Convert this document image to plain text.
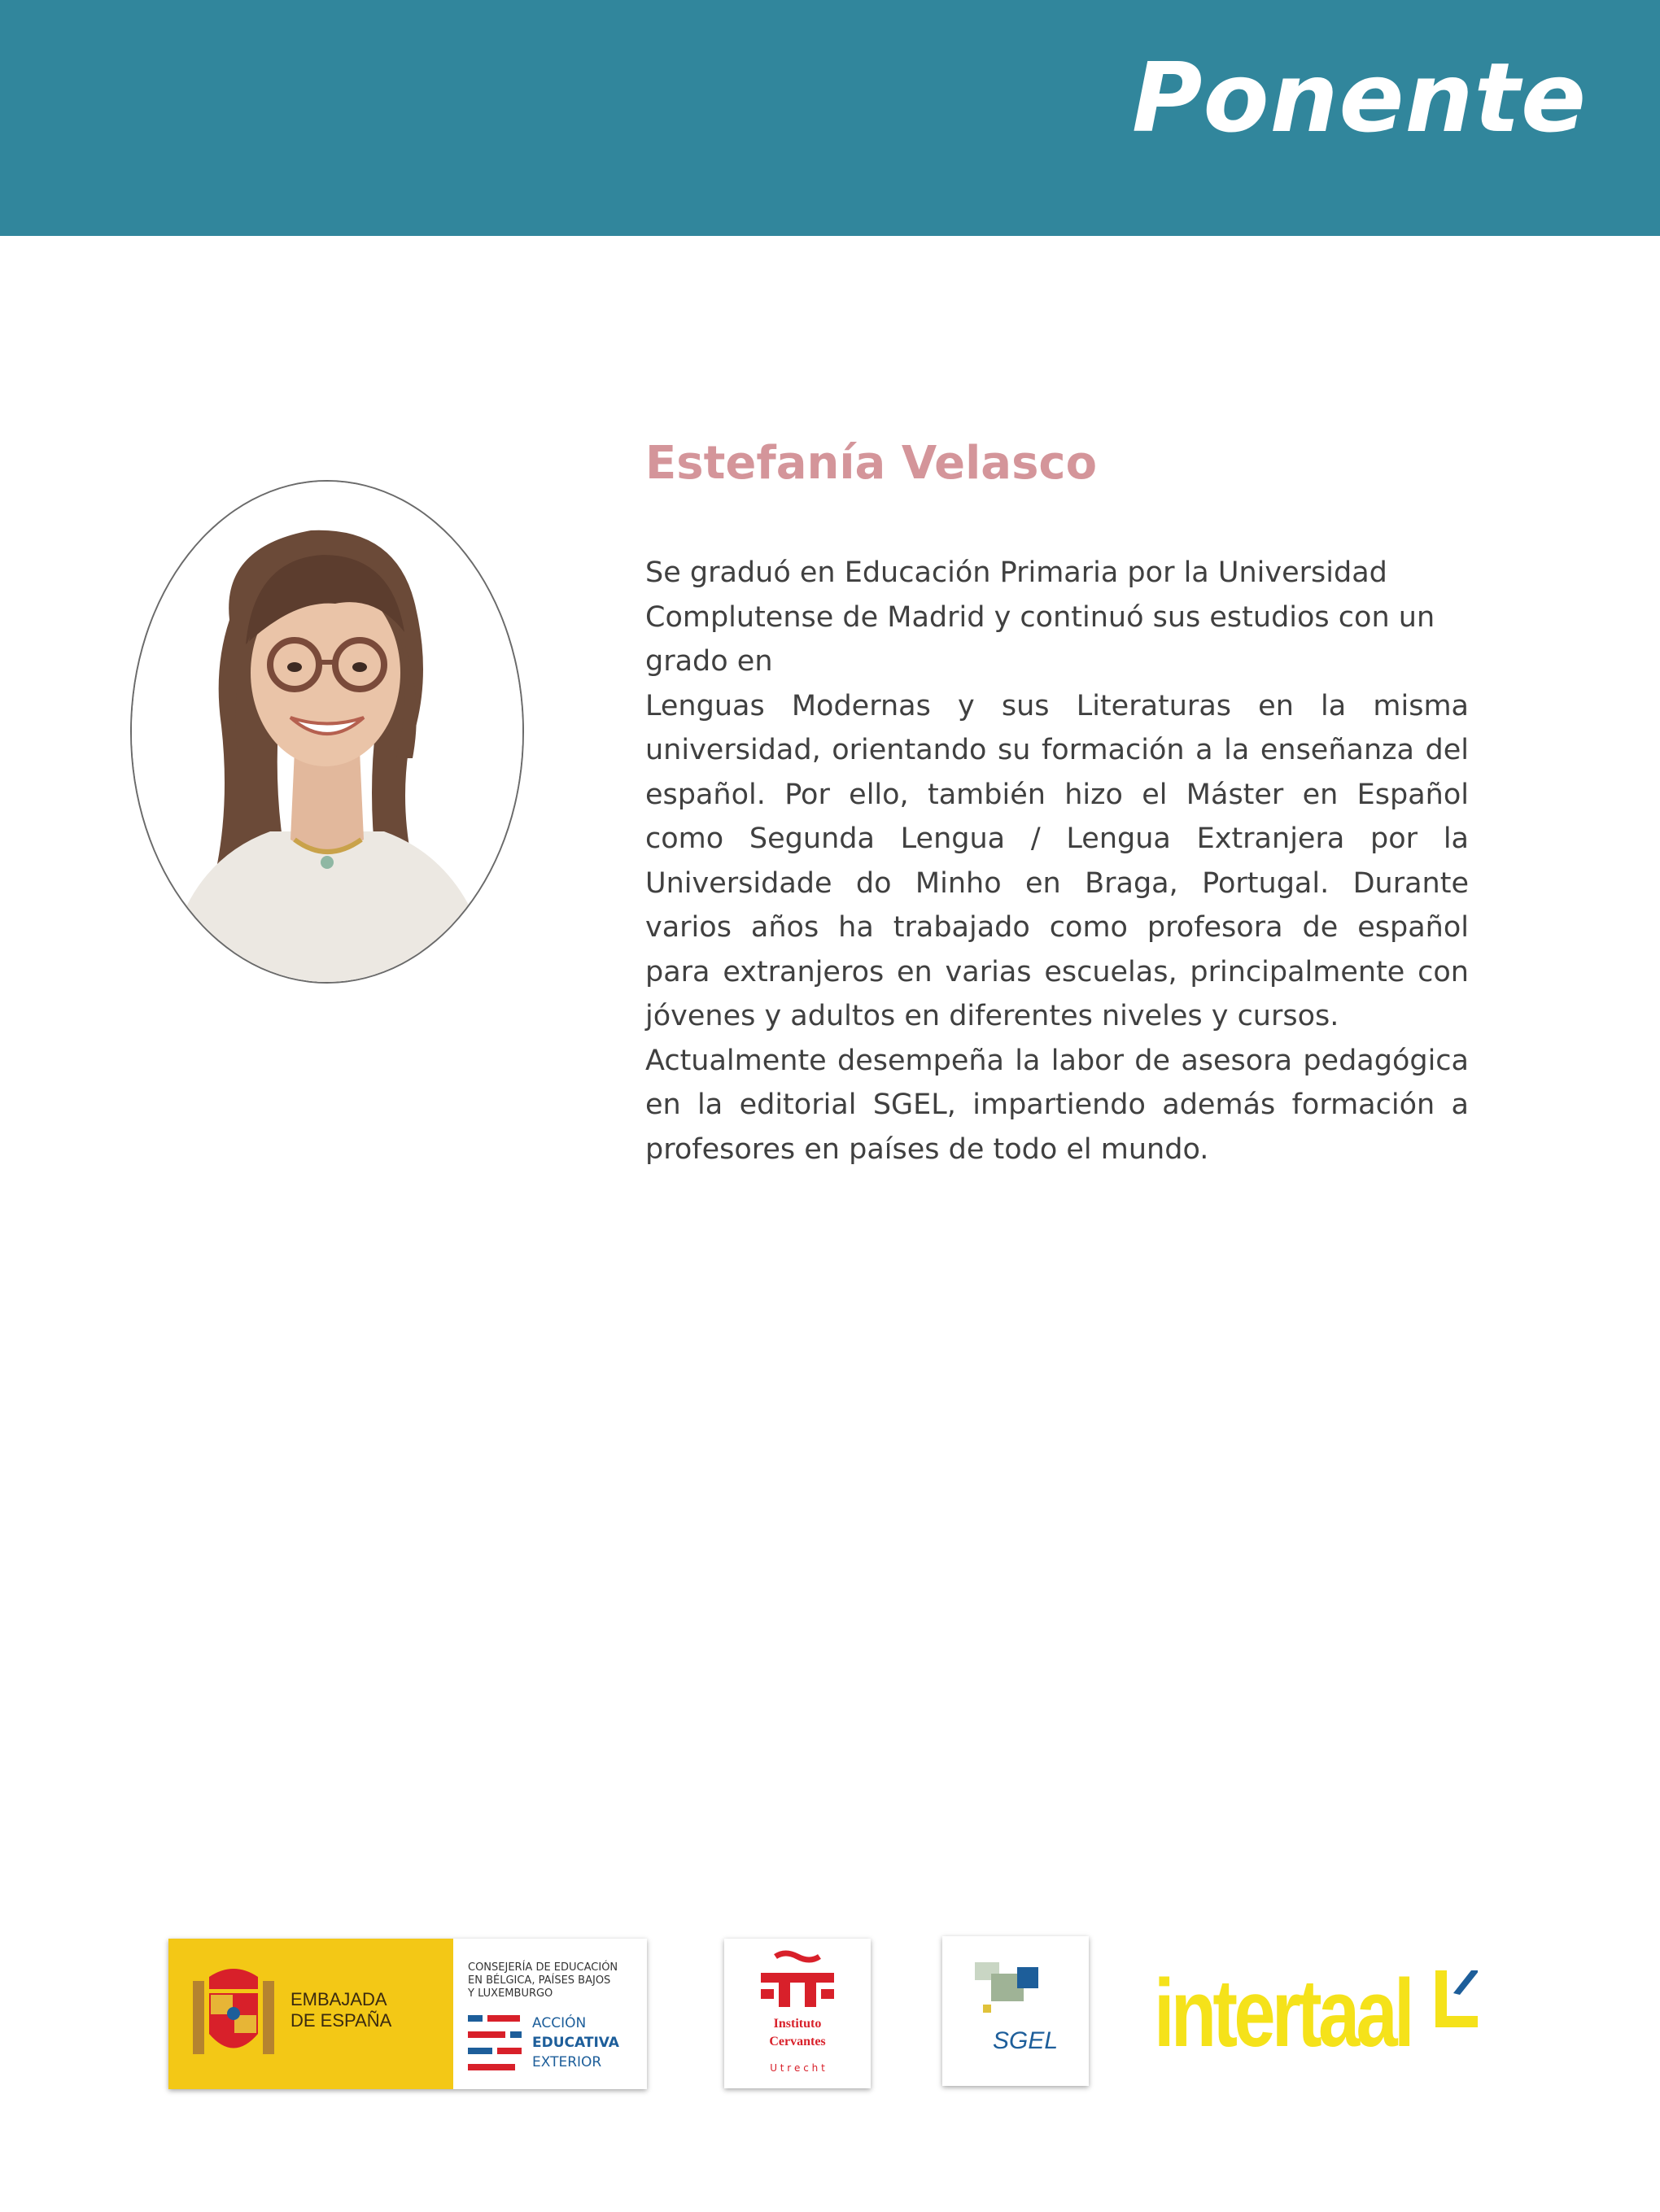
Ponente
Estefanía Velasco

Se graduó en Educación Primaria por la Universidad Complutense de Madrid y continuó sus estudios con un grado en

Lenguas Modernas y sus Literaturas en la misma universidad, orientando su formación a la enseñanza del español. Por ello, también hizo el Máster en Español como Segunda Lengua / Lengua Extranjera por la Universidade do Minho en Braga, Portugal. Durante varios años ha trabajado como profesora de español para extranjeros en varias escuelas, principalmente con jóvenes y adultos en diferentes niveles y cursos.

Actualmente desempeña la labor de asesora pedagógica en la editorial SGEL, impartiendo además formación a profesores en países de todo el mundo.

EMBAJADA
DE ESPAÑA
CONSEJERÍA DE EDUCACIÓN
EN BÉLGICA, PAÍSES BAJOS
Y LUXEMBURGO
ACCIÓN
EDUCATIVA
EXTERIOR
Instituto
Cervantes
U t r e c h t
SGEL intertaal
